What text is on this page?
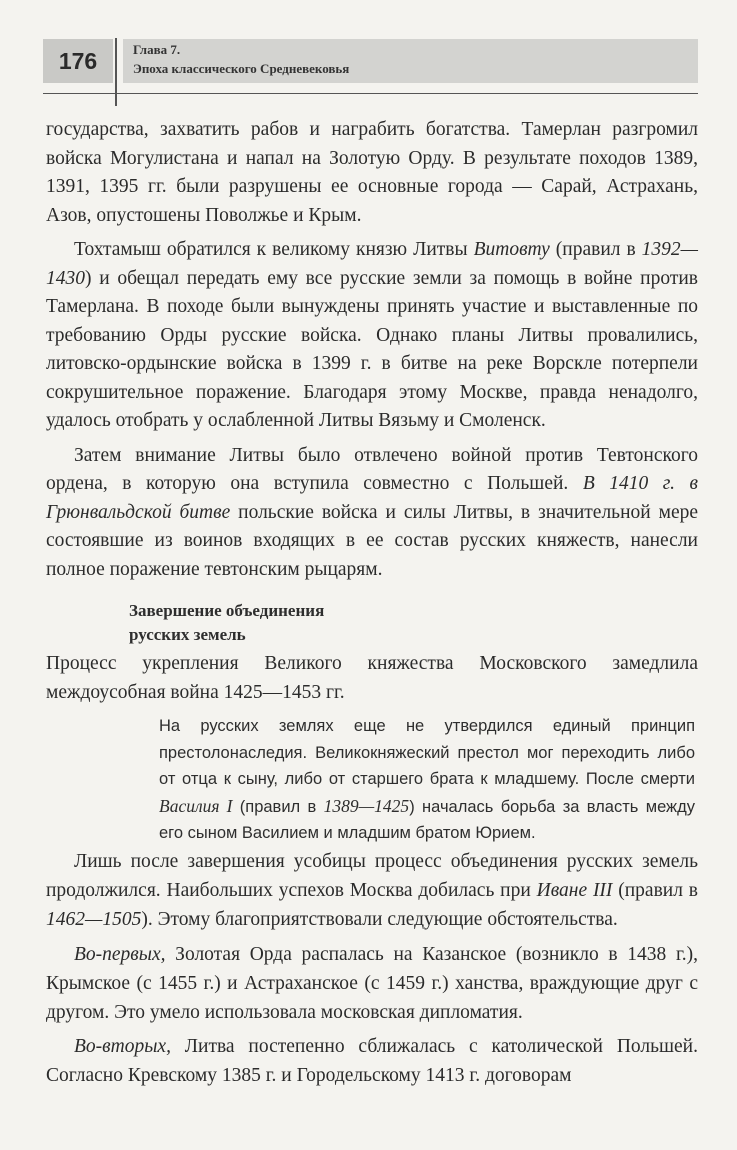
176	Глава 7.
Эпоха классического Средневековья

государства, захватить рабов и награбить богатства. Тамерлан разгромил войска Могулистана и напал на Золотую Орду. В результате походов 1389, 1391, 1395 гг. были разрушены ее основные города — Сарай, Астрахань, Азов, опустошены Поволжье и Крым.

Тохтамыш обратился к великому князю Литвы Витовту (правил в 1392—1430) и обещал передать ему все русские земли за помощь в войне против Тамерлана. В походе были вынуждены принять участие и выставленные по требованию Орды русские войска. Однако планы Литвы провалились, литовско-ордынские войска в 1399 г. в битве на реке Ворскле потерпели сокрушительное поражение. Благодаря этому Москве, правда ненадолго, удалось отобрать у ослабленной Литвы Вязьму и Смоленск.

Затем внимание Литвы было отвлечено войной против Тевтонского ордена, в которую она вступила совместно с Польшей. В 1410 г. в Грюнвальдской битве польские войска и силы Литвы, в значительной мере состоявшие из воинов входящих в ее состав русских княжеств, нанесли полное поражение тевтонским рыцарям.

Завершение объединения
русских земель

Процесс укрепления Великого княжества Московского замедлила междоусобная война 1425—1453 гг.

На русских землях еще не утвердился единый принцип престолонаследия. Великокняжеский престол мог переходить либо от отца к сыну, либо от старшего брата к младшему. После смерти Василия I (правил в 1389—1425) началась борьба за власть между его сыном Василием и младшим братом Юрием.

Лишь после завершения усобицы процесс объединения русских земель продолжился. Наибольших успехов Москва добилась при Иване III (правил в 1462—1505). Этому благоприятствовали следующие обстоятельства.

Во-первых, Золотая Орда распалась на Казанское (возникло в 1438 г.), Крымское (с 1455 г.) и Астраханское (с 1459 г.) ханства, враждующие друг с другом. Это умело использовала московская дипломатия.

Во-вторых, Литва постепенно сближалась с католической Польшей. Согласно Кревскому 1385 г. и Городельскому 1413 г. договорам
